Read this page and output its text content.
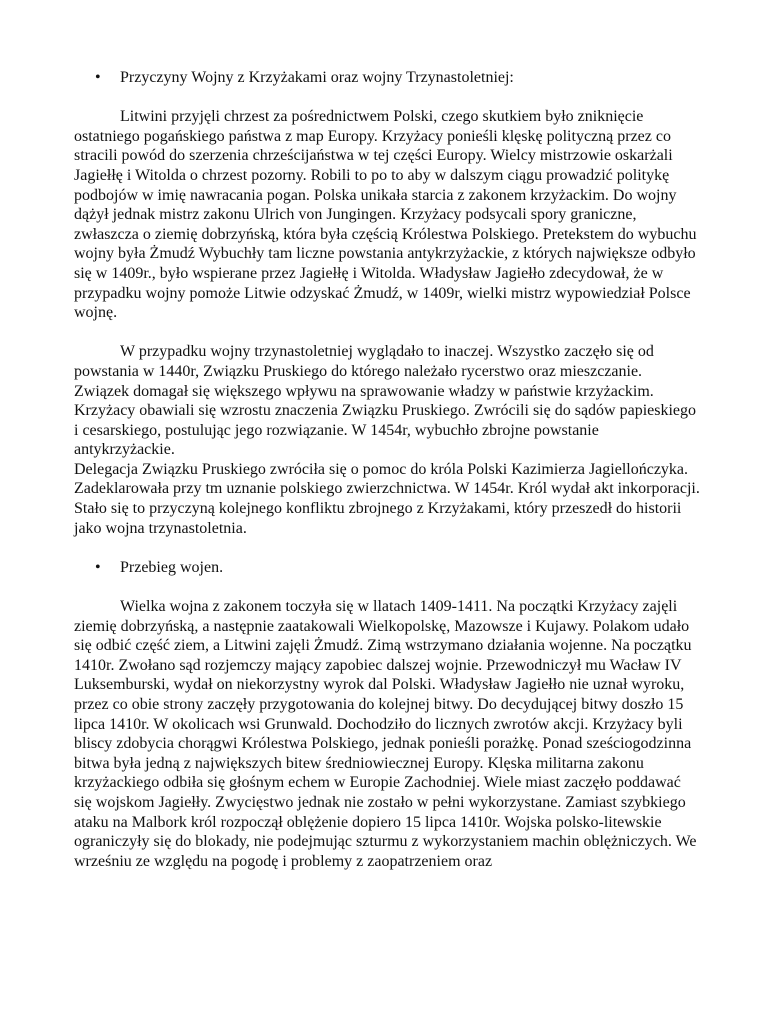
• Przyczyny Wojny z Krzyżakami oraz wojny Trzynastoletniej:

Litwini przyjęli chrzest za pośrednictwem Polski, czego skutkiem było zniknięcie ostatniego pogańskiego państwa z map Europy. Krzyżacy ponieśli klęskę polityczną przez co stracili powód do szerzenia chrześcijaństwa w tej części Europy. Wielcy mistrzowie oskarżali Jagiełłę i Witolda o chrzest pozorny. Robili to po to aby w dalszym ciągu prowadzić politykę podbojów w imię nawracania pogan. Polska unikała starcia z zakonem krzyżackim. Do wojny dążył jednak mistrz zakonu Ulrich von Jungingen. Krzyżacy podsycali spory graniczne, zwłaszcza o ziemię dobrzyńską, która była częścią Królestwa Polskiego. Pretekstem do wybuchu wojny była Żmudź Wybuchły tam liczne powstania antykrzyżackie, z których największe odbyło się w 1409r., było wspierane przez Jagiełłę i Witolda. Władysław Jagiełło zdecydował, że w przypadku wojny pomoże Litwie odzyskać Żmudź, w 1409r, wielki mistrz wypowiedział Polsce wojnę.

W przypadku wojny trzynastoletniej wyglądało to inaczej. Wszystko zaczęło się od powstania w 1440r, Związku Pruskiego do którego należało rycerstwo oraz mieszczanie. Związek domagał się większego wpływu na sprawowanie władzy w państwie krzyżackim. Krzyżacy obawiali się wzrostu znaczenia Związku Pruskiego. Zwrócili się do sądów papieskiego i cesarskiego, postulując jego rozwiązanie. W 1454r, wybuchło zbrojne powstanie antykrzyżackie.

Delegacja Związku Pruskiego zwróciła się o pomoc do króla Polski Kazimierza Jagiellończyka. Zadeklarowała przy tm uznanie polskiego zwierzchnictwa. W 1454r. Król wydał akt inkorporacji. Stało się to przyczyną kolejnego konfliktu zbrojnego z Krzyżakami, który przeszedł do historii jako wojna trzynastoletnia.

• Przebieg wojen.

Wielka wojna z zakonem toczyła się w llatach 1409-1411. Na początki Krzyżacy zajęli ziemię dobrzyńską, a następnie zaatakowali Wielkopolskę, Mazowsze i Kujawy. Polakom udało się odbić część ziem, a Litwini zajęli Żmudź. Zimą wstrzymano działania wojenne. Na początku 1410r. Zwołano sąd rozjemczy mający zapobiec dalszej wojnie. Przewodniczył mu Wacław IV Luksemburski, wydał on niekorzystny wyrok dal Polski. Władysław Jagiełło nie uznał wyroku, przez co obie strony zaczęły przygotowania do kolejnej bitwy. Do decydującej bitwy doszło 15 lipca 1410r. W okolicach wsi Grunwald. Dochodziło do licznych zwrotów akcji. Krzyżacy byli bliscy zdobycia chorągwi Królestwa Polskiego, jednak ponieśli porażkę. Ponad sześciogodzinna bitwa była jedną z największych bitew średniowiecznej Europy. Klęska militarna zakonu krzyżackiego odbiła się głośnym echem w Europie Zachodniej. Wiele miast zaczęło poddawać się wojskom Jagiełły. Zwycięstwo jednak nie zostało w pełni wykorzystane. Zamiast szybkiego ataku na Malbork król rozpoczął oblężenie dopiero 15 lipca 1410r. Wojska polsko-litewskie ograniczyły się do blokady, nie podejmując szturmu z wykorzystaniem machin oblężniczych. We wrześniu ze względu na pogodę i problemy z zaopatrzeniem oraz
